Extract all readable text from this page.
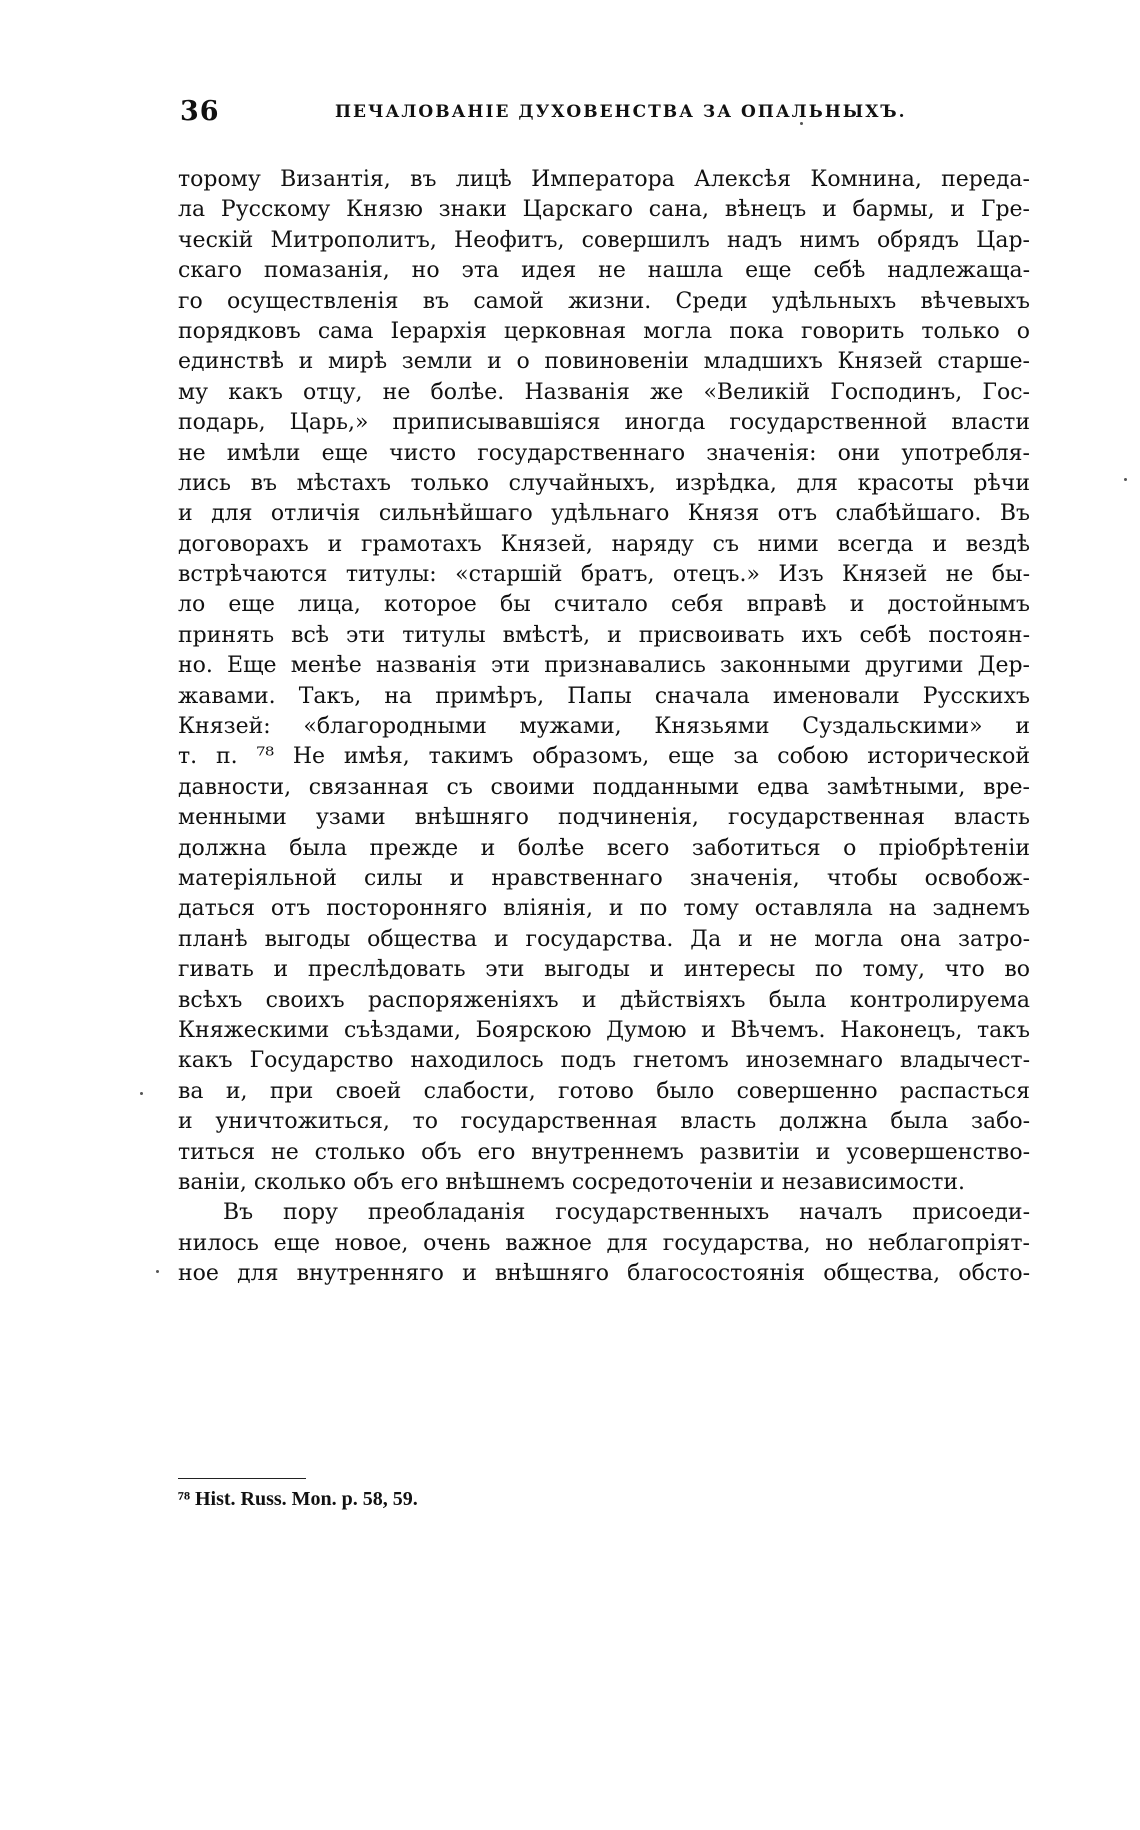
36	ПЕЧАЛОВАНІЕ ДУХОВЕНСТВА ЗА ОПАЛЬНЫХЪ.
торому Византія, въ лицѣ Императора Алексѣя Комнина, переда-
ла Русскому Князю знаки Царскаго сана, вѣнецъ и бармы, и Гре-
ческій Митрополитъ, Неофитъ, совершилъ надъ нимъ обрядъ Цар-
скаго помазанія, но эта идея не нашла еще себѣ надлежаща-
го осуществленія въ самой жизни. Среди удѣльныхъ вѣчевыхъ
порядковъ сама Іерархія церковная могла пока говорить только о
единствѣ и мирѣ земли и о повиновеніи младшихъ Князей старше-
му какъ отцу, не болѣе. Названія же «Великій Господинъ, Гос-
подарь, Царь,» приписывавшіяся иногда государственной власти
не имѣли еще чисто государственнаго значенія: они употребля-
лись въ мѣстахъ только случайныхъ, изрѣдка, для красоты рѣчи
и для отличія сильнѣйшаго удѣльнаго Князя отъ слабѣйшаго. Въ
договорахъ и грамотахъ Князей, наряду съ ними всегда и вездѣ
встрѣчаются титулы: «старшій братъ, отецъ.» Изъ Князей не бы-
ло еще лица, которое бы считало себя вправѣ и достойнымъ
принять всѣ эти титулы вмѣстѣ, и присвоивать ихъ себѣ постоян-
но. Еще менѣе названія эти признавались законными другими Дер-
жавами. Такъ, на примѣръ, Папы сначала именовали Русскихъ
Князей: «благородными мужами, Князьями Суздальскими» и
т. п. ⁷⁸ Не имѣя, такимъ образомъ, еще за собою исторической
давности, связанная съ своими подданными едва замѣтными, вре-
менными узами внѣшняго подчиненія, государственная власть
должна была прежде и болѣе всего заботиться о пріобрѣтеніи
матеріяльной силы и нравственнаго значенія, чтобы освобож-
даться отъ посторонняго вліянія, и по тому оставляла на заднемъ
планѣ выгоды общества и государства. Да и не могла она затро-
гивать и преслѣдовать эти выгоды и интересы по тому, что во
всѣхъ своихъ распоряженіяхъ и дѣйствіяхъ была контролируема
Княжескими съѣздами, Боярскою Думою и Вѣчемъ. Наконецъ, такъ
какъ Государство находилось подъ гнетомъ иноземнаго владычест-
ва и, при своей слабости, готово было совершенно распасться
и уничтожиться, то государственная власть должна была забо-
титься не столько объ его внутреннемъ развитіи и усовершенство-
ваніи, сколько объ его внѣшнемъ сосредоточеніи и независимости.
Въ пору преобладанія государственныхъ началъ присоеди-
нилось еще новое, очень важное для государства, но неблагопріят-
ное для внутренняго и внѣшняго благосостоянія общества, обсто-
⁷⁸ Hist. Russ. Mon. p. 58, 59.
